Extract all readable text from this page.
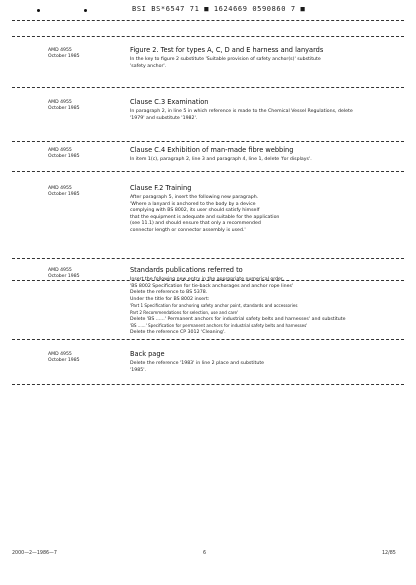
BSI BS*6547 71 ■ 1624669 0590860 7 ■
AMD 4955
October 1985
Figure 2. Test for types A, C, D and E harness and lanyards
In the key to figure 2 substitute 'Suitable provision of safety anchor(s)' substitute
'safety anchor'.
AMD 4955
October 1985
Clause C.3 Examination
In paragraph 2, in line 5 in which reference is made to the Chemical Vessel Regulations, delete
'1979' and substitute '1982'.
AMD 4955
October 1985
Clause C.4 Exhibition of man-made fibre webbing
In item 1(c), paragraph 2, line 3 and paragraph 4, line 1, delete 'for displays'.
AMD 4955
October 1985
Clause F.2 Training
After paragraph 5, insert the following new paragraph.
'Where a lanyard is anchored to the body by a device
complying with BS 8002, its user should satisfy himself
that the equipment is adequate and suitable for the application
(see 11.1) and should ensure that only a recommended
connector length or connector assembly is used.'
AMD 4955
October 1985
Standards publications referred to
Insert the following new entry in the appropriate numerical order.
'BS 8002 Specification for tie-back anchorages and anchor rope lines'
Delete the reference to BS 5378.
Under the title for BS 8002 insert:
'Part 1 Specification for anchoring safety anchor point, standards and accessories
Part 2 Recommendations for selection, use and care'
Delete 'BS ......' Permanent anchors for industrial safety belts and harnesses' and substitute
'BS ......' Specification for permanent anchors for industrial safety belts and harnesses'
Delete the reference CP 3012 'Cleaning'.
AMD 4955
October 1985
Back page
Delete the reference '1983' in line 2 place and substitute
'1985'.
2000—2—1986—7	6	12/85
